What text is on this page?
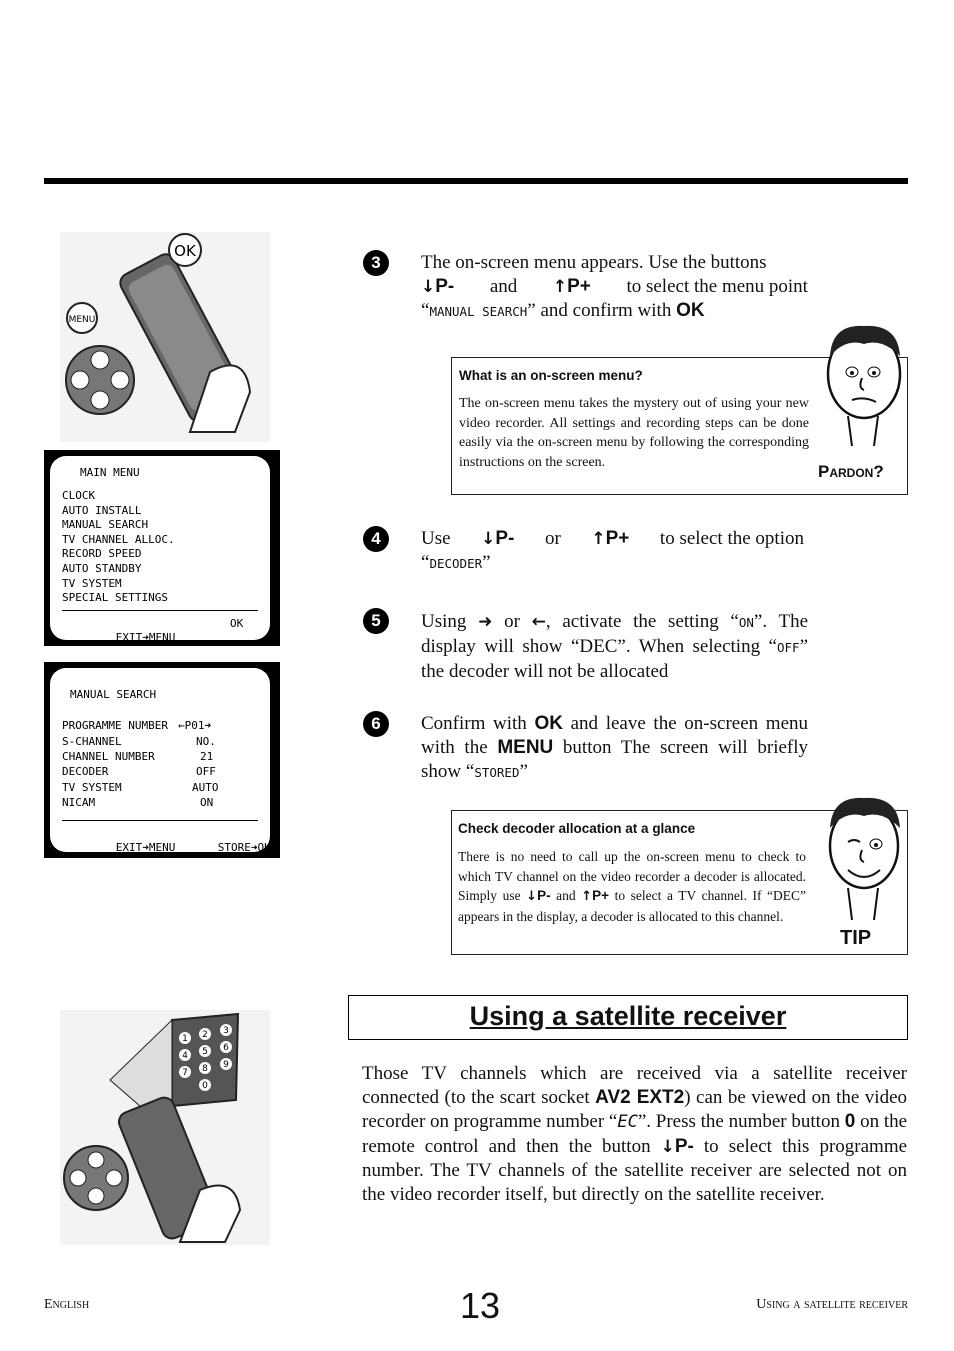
OK
MENU
MAIN MENU
CLOCK
AUTO INSTALL
MANUAL SEARCH
TV CHANNEL ALLOC.
RECORD SPEED
AUTO STANDBY
TV SYSTEM
SPECIAL SETTINGS

EXIT➜MENU

OK
MANUAL SEARCH
PROGRAMME NUMBER ←P01➜
S-CHANNEL	NO.
CHANNEL NUMBER	21
DECODER	OFF
TV SYSTEM	AUTO
NICAM	ON

EXIT➜MENU
	STORE➜OK

3	The on-screen menu appears. Use the buttons
↓P- and ↑P+ to select the menu point
“MANUAL SEARCH” and confirm with OK
What is an on-screen menu?
The on-screen menu takes the mystery out of using your new video recorder. All settings and recording steps can be done easily via the on-screen menu by following the corresponding instructions on the screen.	Pardon?
4	Use ↓P- or ↑P+ to select the option
“DECODER”
5	Using ➜ or ←, activate the setting “ON”. The display will show “DEC”. When selecting “OFF” the decoder will not be allocated
6	Confirm with OK and leave the on-screen menu with the MENU button The screen will briefly show “STORED”
Check decoder allocation at a glance
There is no need to call up the on-screen menu to check to which TV channel on the video recorder a decoder is allocated. Simply use ↓P- and ↑P+ to select a TV channel. If “DEC” appears in the display, a decoder is allocated to this channel.
TIP
Using a satellite receiver
1 2 3
4 5 6
7 8 9
0
Those TV channels which are received via a satellite receiver connected (to the scart socket AV2 EXT2) can be viewed on the video recorder on programme number “EC”. Press the number button 0 on the remote control and then the button ↓P- to select this programme number. The TV channels of the satellite receiver are selected not on the video recorder itself, but directly on the satellite receiver.
English	13	Using a satellite receiver
